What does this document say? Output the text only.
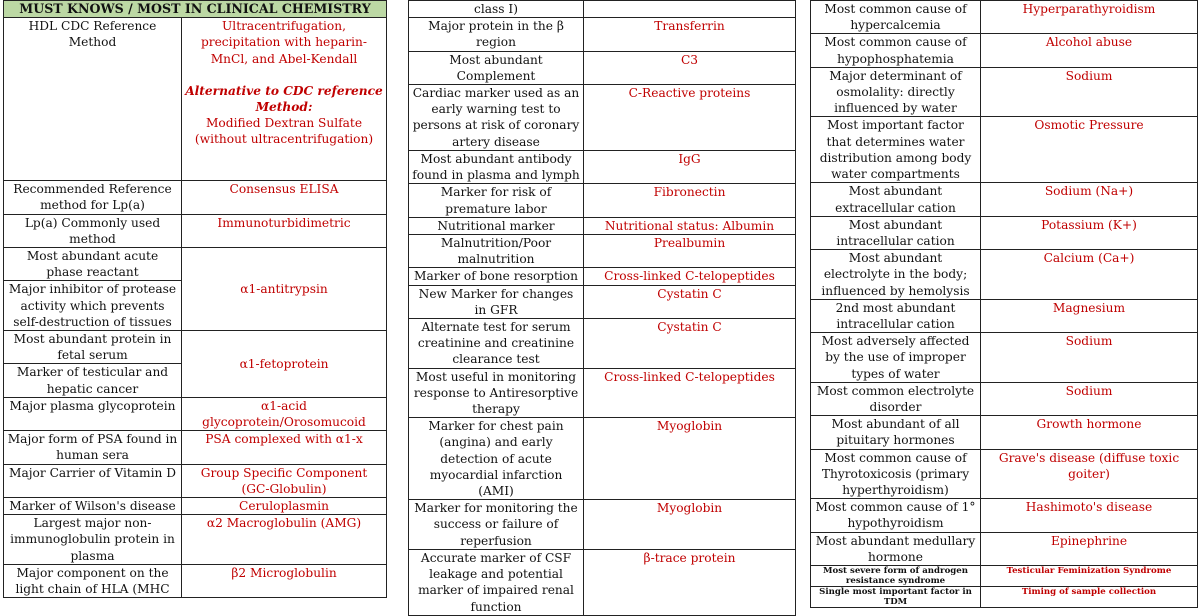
MUST KNOWS / MOST IN CLINICAL CHEMISTRY	
HDL CDC Reference Method	Ultracentrifugation, precipitation with heparin-MnCl, and Abel-Kendall
Alternative to CDC reference Method:
Modified Dextran Sulfate (without ultracentrifugation)

Recommended Reference method for Lp(a)	Consensus ELISA
Lp(a) Commonly used method	Immunoturbidimetric
Most abundant acute phase reactant	α1-antitrypsin
Major inhibitor of protease activity which prevents self-destruction of tissues	
Most abundant protein in fetal serum	α1-fetoprotein
Marker of testicular and hepatic cancer	
Major plasma glycoprotein	α1-acid glycoprotein/Orosomucoid
Major form of PSA found in human sera	PSA complexed with α1-x
Major Carrier of Vitamin D	Group Specific Component (GC-Globulin)
Marker of Wilson's disease	Ceruloplasmin
Largest major non-immunoglobulin protein in plasma	α2 Macroglobulin (AMG)
Major component on the light chain of HLA (MHC	β2 Microglobulin
class I)	
Major protein in the β region	Transferrin
Most abundant Complement	C3
Cardiac marker used as an early warning test to persons at risk of coronary artery disease	C-Reactive proteins
Most abundant antibody found in plasma and lymph	IgG
Marker for risk of premature labor	Fibronectin
Nutritional marker	Nutritional status: Albumin
Malnutrition/Poor malnutrition	Prealbumin
Marker of bone resorption	Cross-linked C-telopeptides
New Marker for changes in GFR	Cystatin C
Alternate test for serum creatinine and creatinine clearance test	Cystatin C
Most useful in monitoring response to Antiresorptive therapy	Cross-linked C-telopeptides
Marker for chest pain (angina) and early detection of acute myocardial infarction (AMI)	Myoglobin
Marker for monitoring the success or failure of reperfusion	Myoglobin
Accurate marker of CSF leakage and potential marker of impaired renal function	β-trace protein
Most common cause of hypercalcemia	Hyperparathyroidism
Most common cause of hypophosphatemia	Alcohol abuse
Major determinant of osmolality: directly influenced by water	Sodium
Most important factor that determines water distribution among body water compartments	Osmotic Pressure
Most abundant extracellular cation	Sodium (Na+)
Most abundant intracellular cation	Potassium (K+)
Most abundant electrolyte in the body; influenced by hemolysis	Calcium (Ca+)
2nd most abundant intracellular cation	Magnesium
Most adversely affected by the use of improper types of water	Sodium
Most common electrolyte disorder	Sodium
Most abundant of all pituitary hormones	Growth hormone
Most common cause of Thyrotoxicosis (primary hyperthyroidism)	Grave's disease (diffuse toxic goiter)
Most common cause of 1° hypothyroidism	Hashimoto's disease
Most abundant medullary hormone	Epinephrine
Most severe form of androgen resistance syndrome	Testicular Feminization Syndrome
Single most important factor in TDM	Timing of sample collection
